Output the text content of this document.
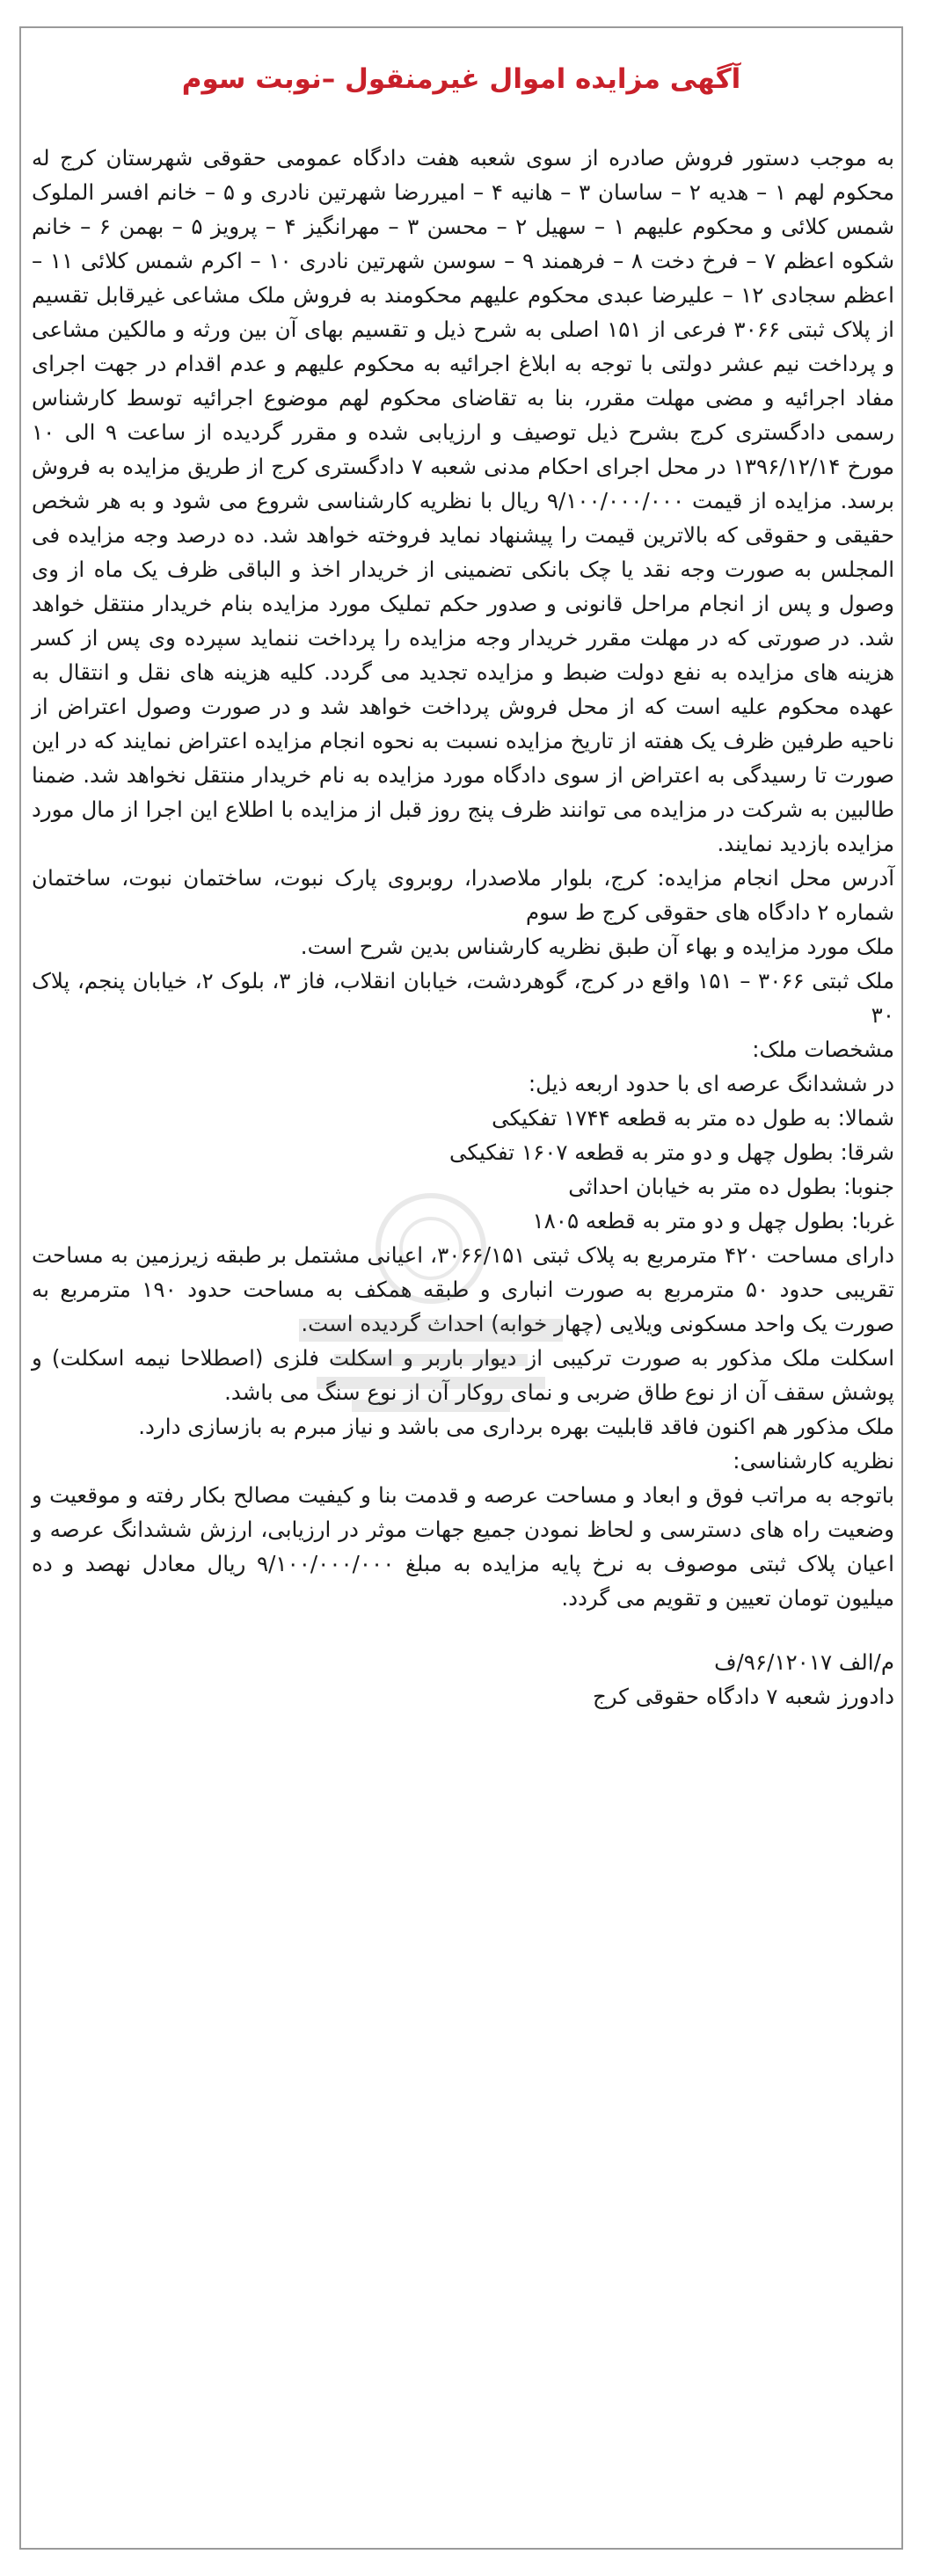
آگهی مزایده اموال غیرمنقول –نوبت سوم

به موجب دستور فروش صادره از سوی شعبه هفت دادگاه عمومی حقوقی شهرستان کرج له محکوم لهم ۱ – هدیه ۲ – ساسان ۳ – هانیه ۴ – امیررضا شهرتین نادری و ۵ – خانم افسر الملوک شمس کلائی و محکوم علیهم ۱ – سهیل ۲ – محسن ۳ – مهرانگیز ۴ – پرویز ۵ – بهمن ۶ – خانم شکوه اعظم ۷ – فرخ دخت ۸ – فرهمند ۹ – سوسن شهرتین نادری ۱۰ – اکرم شمس کلائی ۱۱ – اعظم سجادی ۱۲ – علیرضا عبدی محکوم علیهم محکومند به فروش ملک مشاعی غیرقابل تقسیم از پلاک ثبتی ۳۰۶۶ فرعی از ۱۵۱ اصلی به شرح ذیل و تقسیم بهای آن بین ورثه و مالکین مشاعی و پرداخت نیم عشر دولتی با توجه به ابلاغ اجرائیه به محکوم علیهم و عدم اقدام در جهت اجرای مفاد اجرائیه و مضی مهلت مقرر، بنا به تقاضای محکوم لهم موضوع اجرائیه توسط کارشناس رسمی دادگستری کرج بشرح ذیل توصیف و ارزیابی شده و مقرر گردیده از ساعت ۹ الی ۱۰ مورخ ۱۳۹۶/۱۲/۱۴ در محل اجرای احکام مدنی شعبه ۷ دادگستری کرج از طریق مزایده به فروش برسد. مزایده از قیمت ۹/۱۰۰/۰۰۰/۰۰۰ ریال با نظریه کارشناسی شروع می شود و به هر شخص حقیقی و حقوقی که بالاترین قیمت را پیشنهاد نماید فروخته خواهد شد. ده درصد وجه مزایده فی المجلس به صورت وجه نقد یا چک بانکی تضمینی از خریدار اخذ و الباقی ظرف یک ماه از وی وصول و پس از انجام مراحل قانونی و صدور حکم تملیک مورد مزایده بنام خریدار منتقل خواهد شد. در صورتی که در مهلت مقرر خریدار وجه مزایده را پرداخت ننماید سپرده وی پس از کسر هزینه های مزایده به نفع دولت ضبط و مزایده تجدید می گردد. کلیه هزینه های نقل و انتقال به عهده محکوم علیه است که از محل فروش پرداخت خواهد شد و در صورت وصول اعتراض از ناحیه طرفین ظرف یک هفته از تاریخ مزایده نسبت به نحوه انجام مزایده اعتراض نمایند که در این صورت تا رسیدگی به اعتراض از سوی دادگاه مورد مزایده به نام خریدار منتقل نخواهد شد. ضمنا طالبین به شرکت در مزایده می توانند ظرف پنج روز قبل از مزایده با اطلاع این اجرا از مال مورد مزایده بازدید نمایند.

آدرس محل انجام مزایده: کرج، بلوار ملاصدرا، روبروی پارک نبوت، ساختمان نبوت، ساختمان شماره ۲ دادگاه های حقوقی کرج ط سوم

ملک مورد مزایده و بهاء آن طبق نظریه کارشناس بدین شرح است.

ملک ثبتی ۳۰۶۶ – ۱۵۱ واقع در کرج، گوهردشت، خیابان انقلاب، فاز ۳، بلوک ۲، خیابان پنجم، پلاک ۳۰

مشخصات ملک:

در ششدانگ عرصه ای با حدود اربعه ذیل:

شمالا: به طول ده متر به قطعه ۱۷۴۴ تفکیکی

شرقا: بطول چهل و دو متر به قطعه ۱۶۰۷ تفکیکی

جنوبا: بطول ده متر به خیابان احداثی

غربا: بطول چهل و دو متر به قطعه ۱۸۰۵

دارای مساحت ۴۲۰ مترمربع به پلاک ثبتی ۳۰۶۶/۱۵۱، اعیانی مشتمل بر طبقه زیرزمین به مساحت تقریبی حدود ۵۰ مترمربع به صورت انباری و طبقه همکف به مساحت حدود ۱۹۰ مترمربع به صورت یک واحد مسکونی ویلایی (چهار خوابه) احداث گردیده است.

اسکلت ملک مذکور به صورت ترکیبی از دیوار باربر و اسکلت فلزی (اصطلاحا نیمه اسکلت) و پوشش سقف آن از نوع طاق ضربی و نمای روکار آن از نوع سنگ می باشد.

ملک مذکور هم اکنون فاقد قابلیت بهره برداری می باشد و نیاز مبرم به بازسازی دارد.

نظریه کارشناسی:

باتوجه به مراتب فوق و ابعاد و مساحت عرصه و قدمت بنا و کیفیت مصالح بکار رفته و موقعیت و وضعیت راه های دسترسی و لحاظ نمودن جمیع جهات موثر در ارزیابی، ارزش ششدانگ عرصه و اعیان پلاک ثبتی موصوف به نرخ پایه مزایده به مبلغ ۹/۱۰۰/۰۰۰/۰۰۰ ریال معادل نهصد و ده میلیون تومان تعیین و تقویم می گردد.

م/الف ۹۶/۱۲۰۱۷/ف

دادورز شعبه ۷ دادگاه حقوقی کرج
